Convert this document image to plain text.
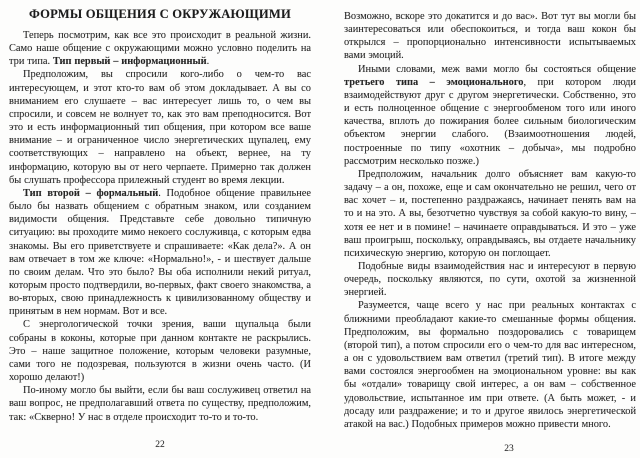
ФОРМЫ ОБЩЕНИЯ С ОКРУЖАЮЩИМИ

Теперь посмотрим, как все это происходит в реальной жизни. Само наше общение с окружающими можно условно поделить на три типа. Тип первый – информационный.

Предположим, вы спросили кого-либо о чем-то вас интересующем, и этот кто-то вам об этом докладывает. А вы со вниманием его слушаете – вас интересует лишь то, о чем вы спросили, и совсем не волнует то, как это вам преподносится. Вот это и есть информационный тип общения, при котором все ваше внимание – и ограниченное число энергетических щупалец, ему соответствующих – направлено на объект, вернее, на ту информацию, которую вы от него черпаете. Примерно так должен бы слушать профессора прилежный студент во время лекции.

Тип второй – формальный. Подобное общение правильнее было бы назвать общением с обратным знаком, или созданием видимости общения. Представьте себе довольно типичную ситуацию: вы проходите мимо некоего сослуживца, с которым едва знакомы. Вы его приветствуете и спрашиваете: «Как дела?». А он вам отвечает в том же ключе: «Нормально!», - и шествует дальше по своим делам. Что это было? Вы оба исполнили некий ритуал, которым просто подтвердили, во-первых, факт своего знакомства, а во-вторых, свою принадлежность к цивилизованному обществу и принятым в нем нормам. Вот и все.

С энергологической точки зрения, ваши щупальца были собраны в коконы, которые при данном контакте не раскрылись. Это – наше защитное положение, которым человеки разумные, сами того не подозревая, пользуются в жизни очень часто. (И хорошо делают!)

По-иному могло бы выйти, если бы ваш сослуживец ответил на ваш вопрос, не предполагавший ответа по существу, предположим, так: «Скверно! У нас в отделе происходит то-то и то-то.

22

Возможно, вскоре это докатится и до вас». Вот тут вы могли бы заинтересоваться или обеспокоиться, и тогда ваш кокон бы открылся – пропорционально интенсивности испытываемых вами эмоций.

Иными словами, меж вами могло бы состояться общение третьего типа – эмоционального, при котором люди взаимодействуют друг с другом энергетически. Собственно, это и есть полноценное общение с энергообменом того или иного качества, вплоть до пожирания более сильным биологическим объектом энергии слабого. (Взаимоотношения людей, построенные по типу «охотник – добыча», мы подробно рассмотрим несколько позже.)

Предположим, начальник долго объясняет вам какую-то задачу – а он, похоже, еще и сам окончательно не решил, чего от вас хочет – и, постепенно раздражаясь, начинает пенять вам на то и на это. А вы, безотчетно чувствуя за собой какую-то вину, – хотя ее нет и в помине! – начинаете оправдываться. И это – уже ваш проигрыш, поскольку, оправдываясь, вы отдаете начальнику психическую энергию, которую он поглощает.

Подобные виды взаимодействия нас и интересуют в первую очередь, поскольку являются, по сути, охотой за жизненной энергией.

Разумеется, чаще всего у нас при реальных контактах с ближними преобладают какие-то смешанные формы общения. Предположим, вы формально поздоровались с товарищем (второй тип), а потом спросили его о чем-то для вас интересном, а он с удовольствием вам ответил (третий тип). В итоге между вами состоялся энергообмен на эмоциональном уровне: вы как бы «отдали» товарищу свой интерес, а он вам – собственное удовольствие, испытанное им при ответе. (А быть может, - и досаду или раздражение; и то и другое явилось энергетической атакой на вас.) Подобных примеров можно привести много.

23
